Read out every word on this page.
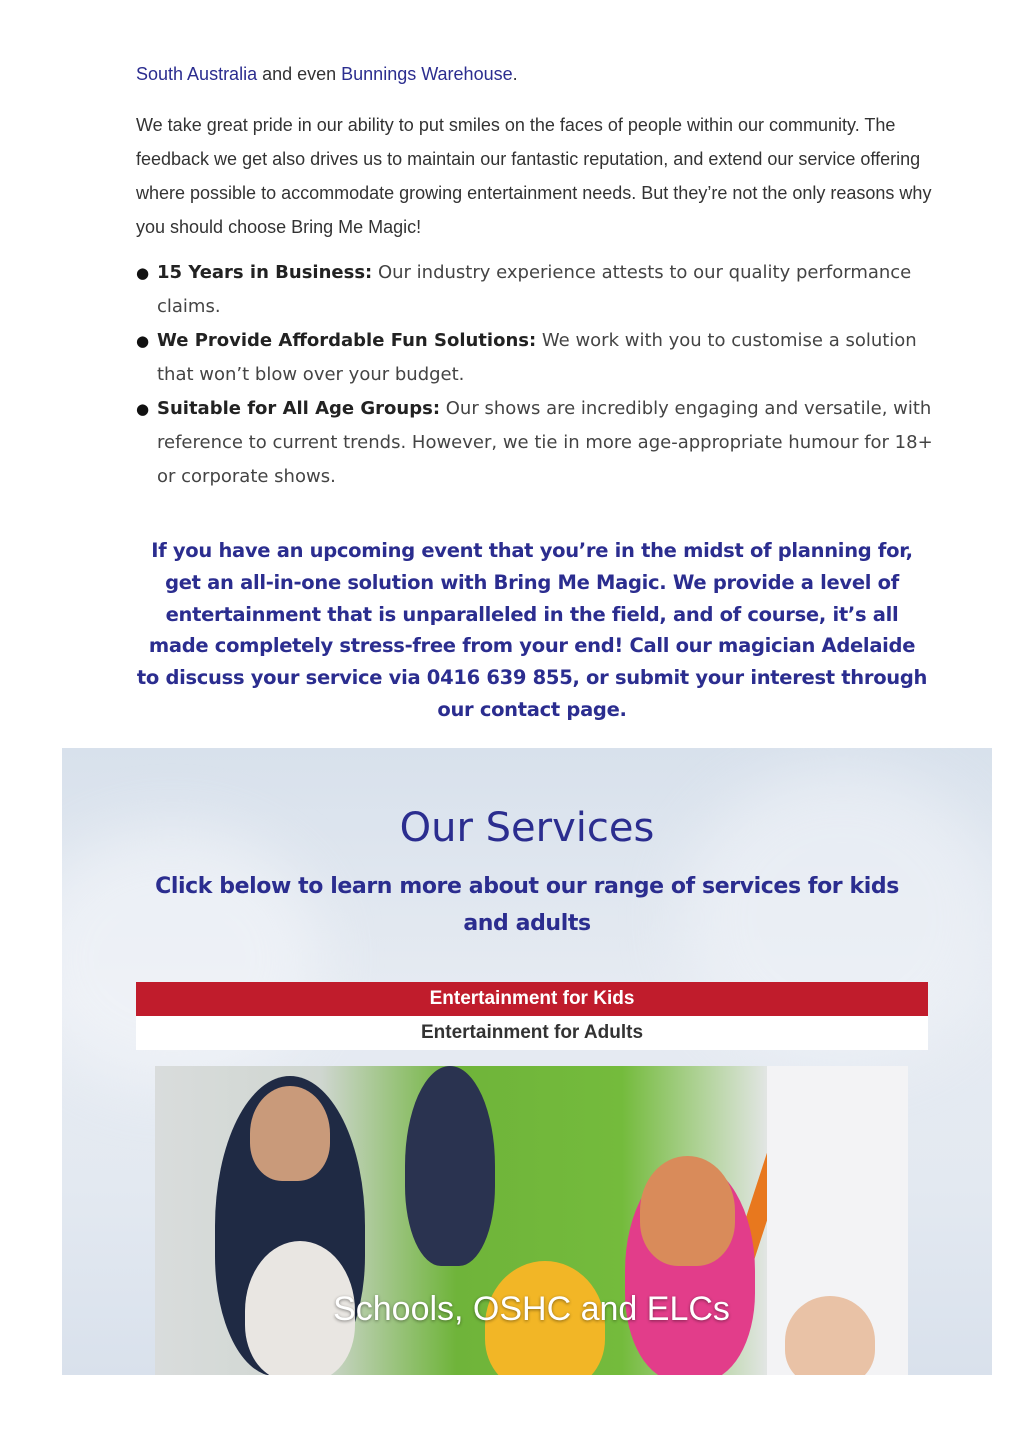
South Australia and even Bunnings Warehouse.

We take great pride in our ability to put smiles on the faces of people within our community. The feedback we get also drives us to maintain our fantastic reputation, and extend our service offering where possible to accommodate growing entertainment needs. But they’re not the only reasons why you should choose Bring Me Magic!

● 15 Years in Business: Our industry experience attests to our quality performance claims.
● We Provide Affordable Fun Solutions: We work with you to customise a solution that won’t blow over your budget.
● Suitable for All Age Groups: Our shows are incredibly engaging and versatile, with reference to current trends. However, we tie in more age-appropriate humour for 18+ or corporate shows.

If you have an upcoming event that you’re in the midst of planning for, get an all-in-one solution with Bring Me Magic. We provide a level of entertainment that is unparalleled in the field, and of course, it’s all made completely stress-free from your end! Call our magician Adelaide to discuss your service via 0416 639 855, or submit your interest through our contact page.

Our Services

Click below to learn more about our range of services for kids and adults

Entertainment for Kids
Entertainment for Adults
Schools, OSHC and ELCs
